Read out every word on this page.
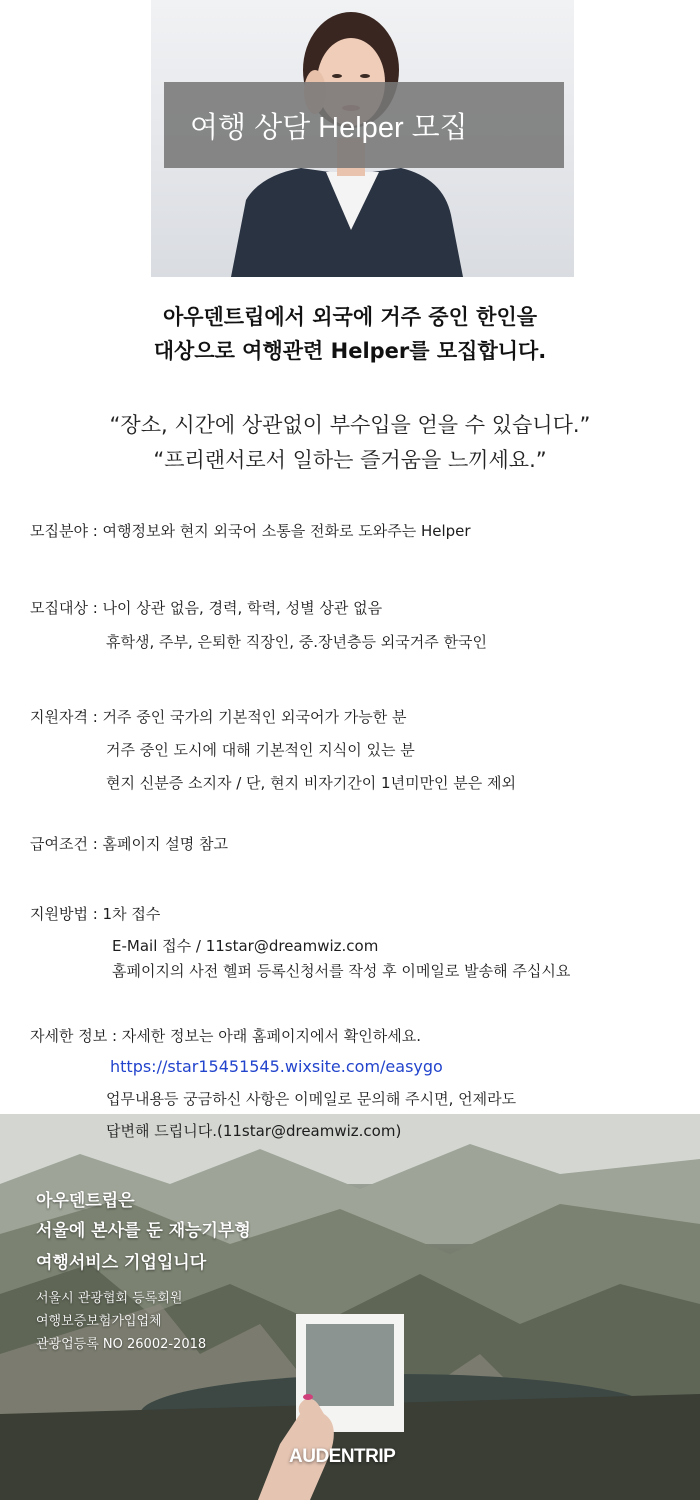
여행 상담 Helper 모집
아우덴트립에서 외국에 거주 중인 한인을
대상으로 여행관련 Helper를 모집합니다.
“장소, 시간에 상관없이 부수입을 얻을 수 있습니다.”
“프리랜서로서 일하는 즐거움을 느끼세요.”
모집분야 : 여행정보와 현지 외국어 소통을 전화로 도와주는 Helper
모집대상 : 나이 상관 없음, 경력, 학력, 성별 상관 없음
휴학생, 주부, 은퇴한 직장인, 중.장년층등 외국거주 한국인
지원자격 : 거주 중인 국가의 기본적인 외국어가 가능한 분
거주 중인 도시에 대해 기본적인 지식이 있는 분
현지 신분증 소지자 / 단, 현지 비자기간이 1년미만인 분은 제외
급여조건 : 홈페이지 설명 참고
지원방법 : 1차 접수
E-Mail 접수 / 11star@dreamwiz.com
홈페이지의 사전 헬퍼 등록신청서를 작성 후 이메일로 발송해 주십시요
자세한 정보 : 자세한 정보는 아래 홈페이지에서 확인하세요.
https://star15451545.wixsite.com/easygo
업무내용등 궁금하신 사항은 이메일로 문의해 주시면, 언제라도
아우덴트립은
서울에 본사를 둔 재능기부형
여행서비스 기업입니다
서울시 관광협회 등록회원
여행보증보험가입업체
관광업등록 NO 26002-2018
답변해 드립니다.(11star@dreamwiz.com)
AUDENTRIP
